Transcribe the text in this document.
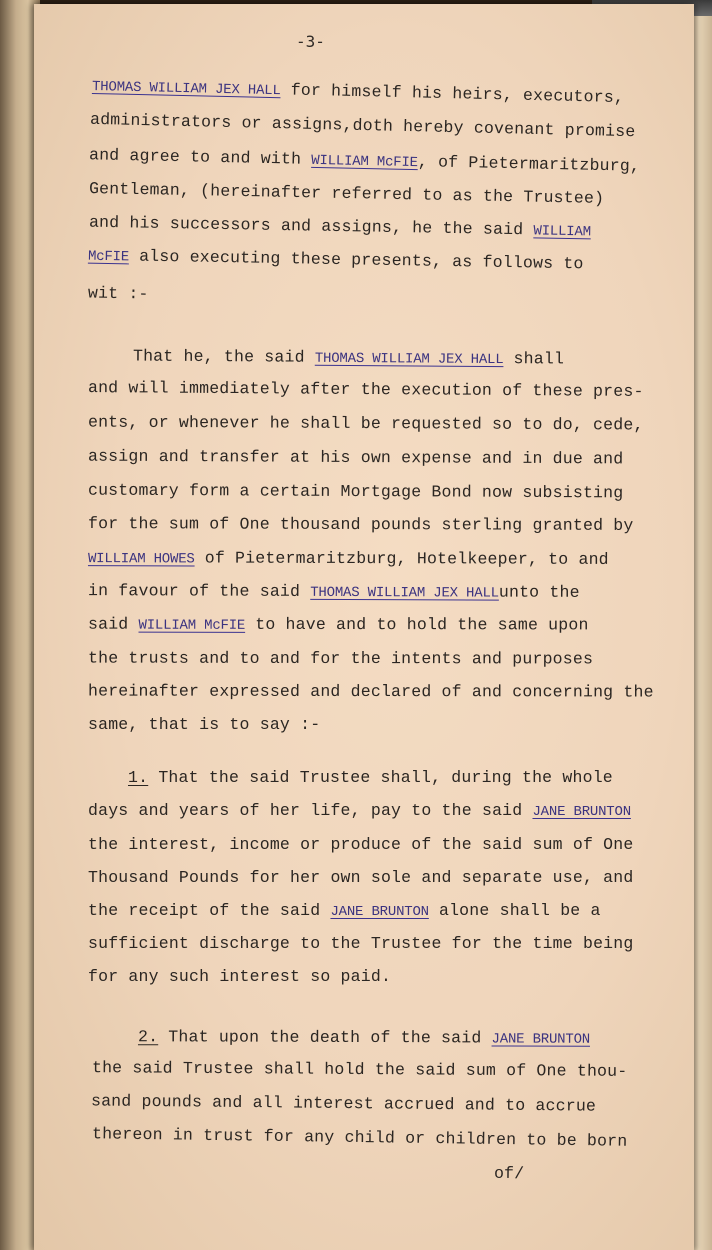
-3-
THOMAS WILLIAM JEX HALL for himself his heirs, executors,
administrators or assigns,doth hereby covenant promise
and agree to and with WILLIAM McFIE, of Pietermaritzburg,
Gentleman, (hereinafter referred to as the Trustee)
and his successors and assigns, he the said WILLIAM
McFIE also executing these presents, as follows to
wit :-
That he, the said THOMAS WILLIAM JEX HALL shall
and will immediately after the execution of these pres-
ents, or whenever he shall be requested so to do, cede,
assign and transfer at his own expense and in due and
customary form a certain Mortgage Bond now subsisting
for the sum of One thousand pounds sterling granted by
WILLIAM HOWES of Pietermaritzburg, Hotelkeeper, to and
in favour of the said THOMAS WILLIAM JEX HALLunto the
said WILLIAM McFIE to have and to hold the same upon
the trusts and to and for the intents and purposes
hereinafter expressed and declared of and concerning the
same, that is to say :-
1. That the said Trustee shall, during the whole
days and years of her life, pay to the said JANE BRUNTON
the interest, income or produce of the said sum of One
Thousand Pounds for her own sole and separate use, and
the receipt of the said JANE BRUNTON alone shall be a
sufficient discharge to the Trustee for the time being
for any such interest so paid.
2. That upon the death of the said JANE BRUNTON
the said Trustee shall hold the said sum of One thou-
sand pounds and all interest accrued and to accrue
thereon in trust for any child or children to be born
of/
